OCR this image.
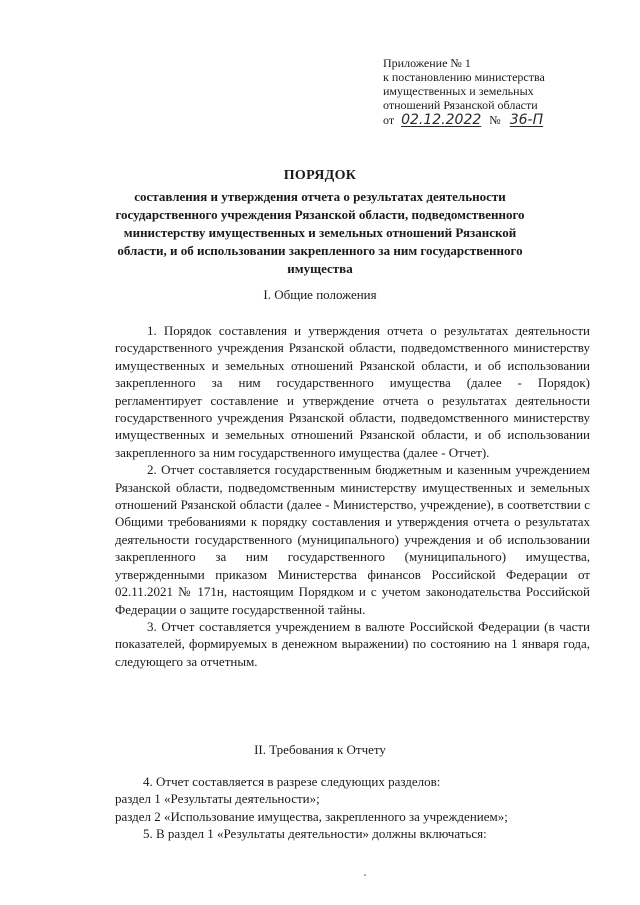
Приложение № 1
к постановлению министерства
имущественных и земельных
отношений Рязанской области
от 02.12.2022 № 36-П
ПОРЯДОК
составления и утверждения отчета о результатах деятельности государственного учреждения Рязанской области, подведомственного министерству имущественных и земельных отношений Рязанской области, и об использовании закрепленного за ним государственного имущества
I. Общие положения

1. Порядок составления и утверждения отчета о результатах деятельности государственного учреждения Рязанской области, подведомственного министерству имущественных и земельных отношений Рязанской области, и об использовании закрепленного за ним государственного имущества (далее - Порядок) регламентирует составление и утверждение отчета о результатах деятельности государственного учреждения Рязанской области, подведомственного министерству имущественных и земельных отношений Рязанской области, и об использовании закрепленного за ним государственного имущества (далее - Отчет).

2. Отчет составляется государственным бюджетным и казенным учреждением Рязанской области, подведомственным министерству имущественных и земельных отношений Рязанской области (далее - Министерство, учреждение), в соответствии с Общими требованиями к порядку составления и утверждения отчета о результатах деятельности государственного (муниципального) учреждения и об использовании закрепленного за ним государственного (муниципального) имущества, утвержденными приказом Министерства финансов Российской Федерации от 02.11.2021 № 171н, настоящим Порядком и с учетом законодательства Российской Федерации о защите государственной тайны.

3. Отчет составляется учреждением в валюте Российской Федерации (в части показателей, формируемых в денежном выражении) по состоянию на 1 января года, следующего за отчетным.

II. Требования к Отчету

4. Отчет составляется в разрезе следующих разделов:

раздел 1 «Результаты деятельности»;

раздел 2 «Использование имущества, закрепленного за учреждением»;

5. В раздел 1 «Результаты деятельности» должны включаться:
